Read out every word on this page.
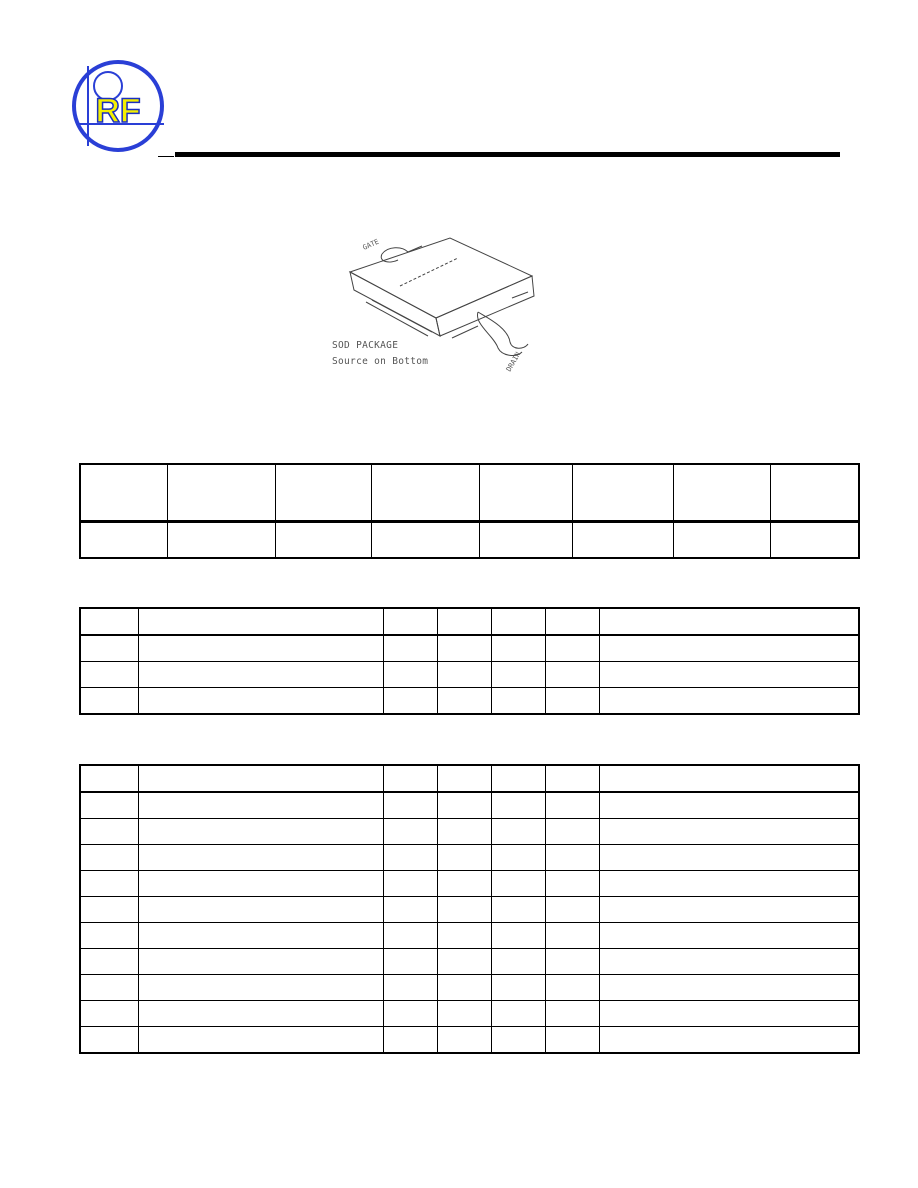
RF
GATE
DRAIN
SOD PACKAGE
Source on Bottom
